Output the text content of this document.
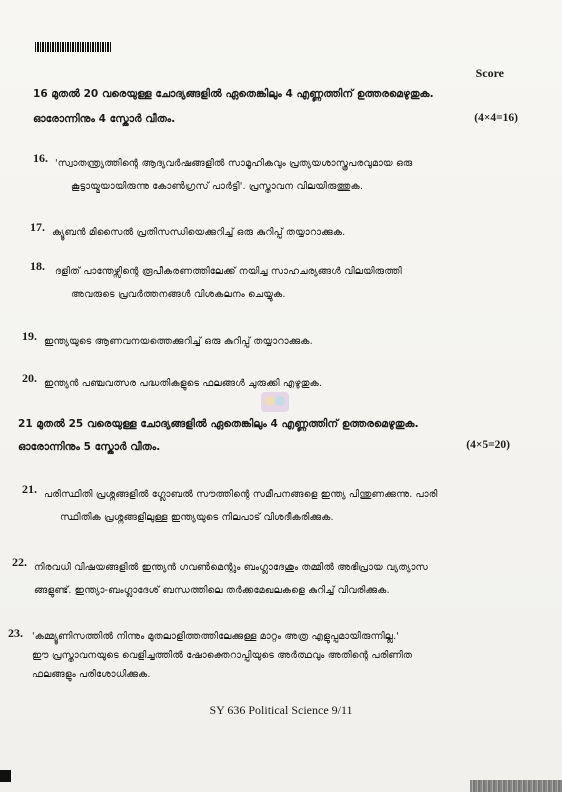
Score
16 മുതൽ 20 വരെയുള്ള ചോദ്യങ്ങളിൽ ഏതെങ്കിലും 4 എണ്ണത്തിന് ഉത്തരമെഴുതുക.
ഓരോന്നിനും 4 സ്കോർ വീതം.	(4×4=16)
16. 'സ്വാതന്ത്ര്യത്തിന്റെ ആദ്യവർഷങ്ങളിൽ സാമൂഹികവും പ്രത്യയശാസ്ത്രപരവുമായ ഒരു
കൂട്ടായ്മയായിരുന്നു കോൺഗ്രസ് പാർട്ടി'. പ്രസ്താവന വിലയിരുത്തുക.
17. ക്യൂബൻ മിസൈൽ പ്രതിസന്ധിയെക്കുറിച്ച് ഒരു കുറിപ്പ് തയ്യാറാക്കുക.
18. ദളിത് പാന്തേഴ്സിന്റെ രൂപീകരണത്തിലേക്ക് നയിച്ച സാഹചര്യങ്ങൾ വിലയിരുത്തി
അവരുടെ പ്രവർത്തനങ്ങൾ വിശകലനം ചെയ്യുക.
19. ഇന്ത്യയുടെ ആണവനയത്തെക്കുറിച്ച് ഒരു കുറിപ്പ് തയ്യാറാക്കുക.
20. ഇന്ത്യൻ പഞ്ചവത്സര പദ്ധതികളുടെ ഫലങ്ങൾ ചുരുക്കി എഴുതുക.
21 മുതൽ 25 വരെയുള്ള ചോദ്യങ്ങളിൽ ഏതെങ്കിലും 4 എണ്ണത്തിന് ഉത്തരമെഴുതുക.
ഓരോന്നിനും 5 സ്കോർ വീതം.	(4×5=20)
21. പരിസ്ഥിതി പ്രശ്നങ്ങളിൽ ഗ്ലോബൽ സൗത്തിന്റെ സമീപനങ്ങളെ ഇന്ത്യ പിന്തുണക്കുന്നു. പാരി
സ്ഥിതിക പ്രശ്നങ്ങളിലുള്ള ഇന്ത്യയുടെ നിലപാട് വിശദീകരിക്കുക.
22. നിരവധി വിഷയങ്ങളിൽ ഇന്ത്യൻ ഗവൺമെന്റും ബംഗ്ലാദേശും തമ്മിൽ അഭിപ്രായ വ്യത്യാസ
ങ്ങളുണ്ട്. ഇന്ത്യാ-ബംഗ്ലാദേശ് ബന്ധത്തിലെ തർക്കമേഖലകളെ കുറിച്ച് വിവരിക്കുക.
23. 'കമ്മ്യൂണിസത്തിൽ നിന്നും മുതലാളിത്തത്തിലേക്കുള്ള മാറ്റം അത്ര എളുപ്പമായിരുന്നില്ല.'
ഈ പ്രസ്താവനയുടെ വെളിച്ചത്തിൽ ഷോക്തെറാപ്പിയുടെ അർത്ഥവും അതിന്റെ പരിണിത
ഫലങ്ങളും പരിശോധിക്കുക.
SY 636 Political Science 9/11
